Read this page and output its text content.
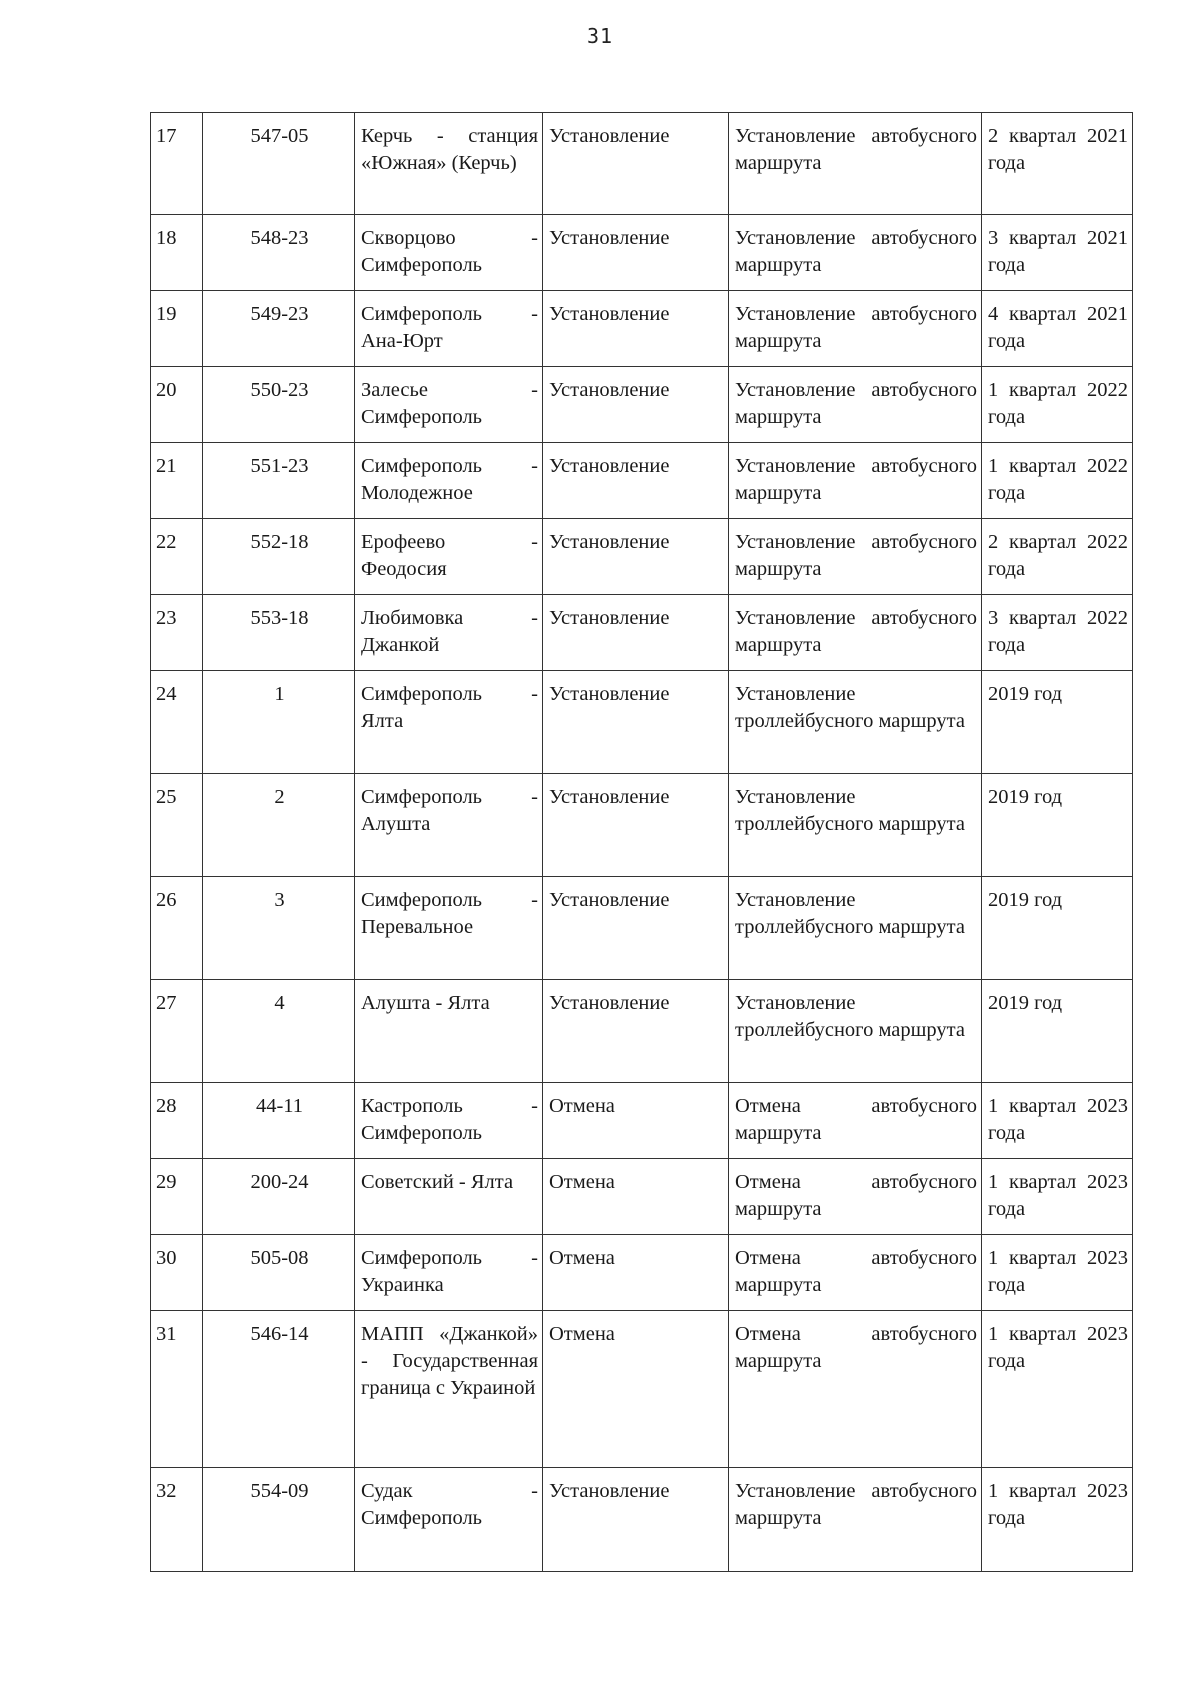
31
17	547-05	Керчь - станция «Южная» (Керчь)	Установление	Установление автобусного маршрута	2 квартал 2021 года
18	548-23	Скворцово - Симферополь	Установление	Установление автобусного маршрута	3 квартал 2021 года
19	549-23	Симферополь - Ана-Юрт	Установление	Установление автобусного маршрута	4 квартал 2021 года
20	550-23	Залесье - Симферополь	Установление	Установление автобусного маршрута	1 квартал 2022 года
21	551-23	Симферополь - Молодежное	Установление	Установление автобусного маршрута	1 квартал 2022 года
22	552-18	Ерофеево - Феодосия	Установление	Установление автобусного маршрута	2 квартал 2022 года
23	553-18	Любимовка - Джанкой	Установление	Установление автобусного маршрута	3 квартал 2022 года
24	1	Симферополь - Ялта	Установление	Установление троллейбусного маршрута	2019 год
25	2	Симферополь - Алушта	Установление	Установление троллейбусного маршрута	2019 год
26	3	Симферополь - Перевальное	Установление	Установление троллейбусного маршрута	2019 год
27	4	Алушта - Ялта	Установление	Установление троллейбусного маршрута	2019 год
28	44-11	Кастрополь - Симферополь	Отмена	Отмена автобусного маршрута	1 квартал 2023 года
29	200-24	Советский - Ялта	Отмена	Отмена автобусного маршрута	1 квартал 2023 года
30	505-08	Симферополь - Украинка	Отмена	Отмена автобусного маршрута	1 квартал 2023 года
31	546-14	МАПП «Джанкой» - Государственная граница с Украиной	Отмена	Отмена автобусного маршрута	1 квартал 2023 года
32	554-09	Судак - Симферополь	Установление	Установление автобусного маршрута	1 квартал 2023 года
